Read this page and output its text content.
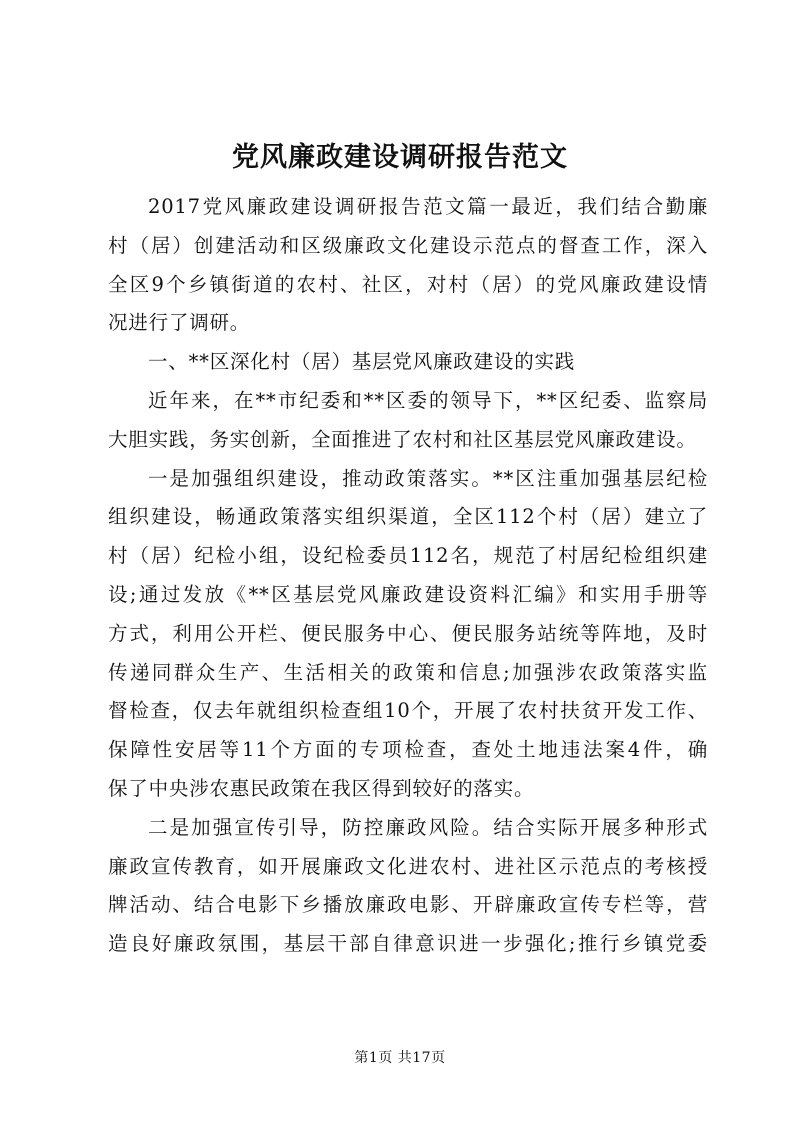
党风廉政建设调研报告范文
2017党风廉政建设调研报告范文篇一最近，我们结合勤廉
村（居）创建活动和区级廉政文化建设示范点的督查工作，深入
全区9个乡镇街道的农村、社区，对村（居）的党风廉政建设情
况进行了调研。
一、**区深化村（居）基层党风廉政建设的实践
近年来，在**市纪委和**区委的领导下，**区纪委、监察局
大胆实践，务实创新，全面推进了农村和社区基层党风廉政建设。
一是加强组织建设，推动政策落实。**区注重加强基层纪检
组织建设，畅通政策落实组织渠道，全区112个村（居）建立了
村（居）纪检小组，设纪检委员112名，规范了村居纪检组织建
设;通过发放《**区基层党风廉政建设资料汇编》和实用手册等
方式，利用公开栏、便民服务中心、便民服务站统等阵地，及时
传递同群众生产、生活相关的政策和信息;加强涉农政策落实监
督检查，仅去年就组织检查组10个，开展了农村扶贫开发工作、
保障性安居等11个方面的专项检查，查处土地违法案4件，确
保了中央涉农惠民政策在我区得到较好的落实。
二是加强宣传引导，防控廉政风险。结合实际开展多种形式
廉政宣传教育，如开展廉政文化进农村、进社区示范点的考核授
牌活动、结合电影下乡播放廉政电影、开辟廉政宣传专栏等，营
造良好廉政氛围，基层干部自律意识进一步强化;推行乡镇党委
第1页 共17页
